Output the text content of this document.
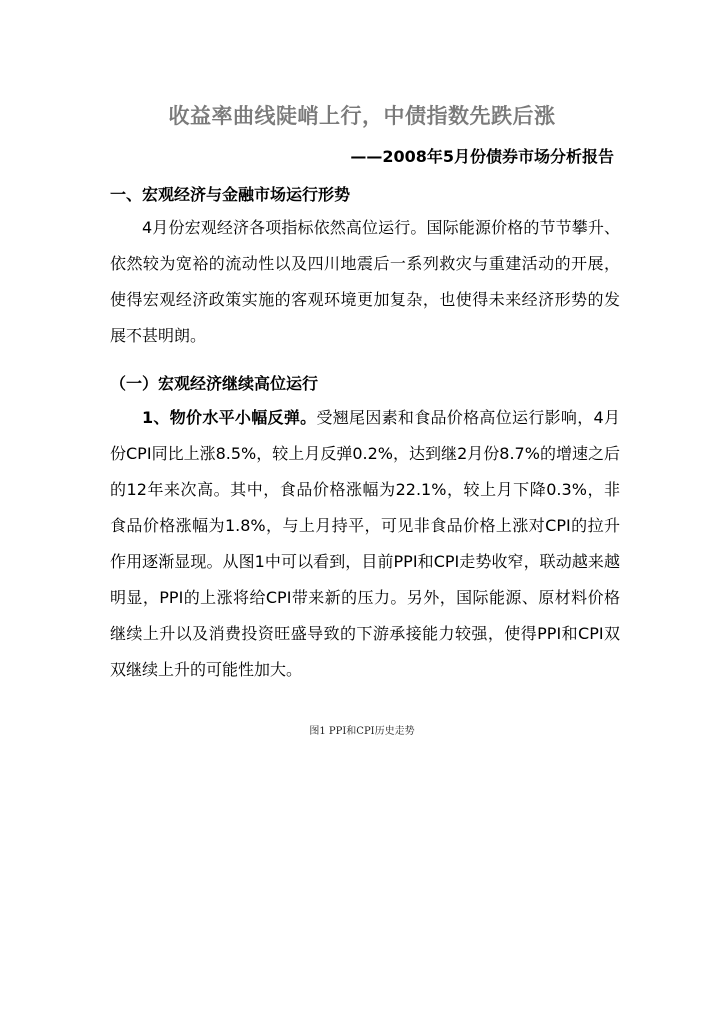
收益率曲线陡峭上行，中债指数先跌后涨
——2008年5月份债券市场分析报告
一、宏观经济与金融市场运行形势

4月份宏观经济各项指标依然高位运行。国际能源价格的节节攀升、依然较为宽裕的流动性以及四川地震后一系列救灾与重建活动的开展，使得宏观经济政策实施的客观环境更加复杂，也使得未来经济形势的发展不甚明朗。

（一）宏观经济继续高位运行

1、物价水平小幅反弹。受翘尾因素和食品价格高位运行影响，4月份CPI同比上涨8.5%，较上月反弹0.2%，达到继2月份8.7%的增速之后的12年来次高。其中，食品价格涨幅为22.1%，较上月下降0.3%，非食品价格涨幅为1.8%，与上月持平，可见非食品价格上涨对CPI的拉升作用逐渐显现。从图1中可以看到，目前PPI和CPI走势收窄，联动越来越明显，PPI的上涨将给CPI带来新的压力。另外，国际能源、原材料价格继续上升以及消费投资旺盛导致的下游承接能力较强，使得PPI和CPI双双继续上升的可能性加大。

图1 PPI和CPI历史走势
